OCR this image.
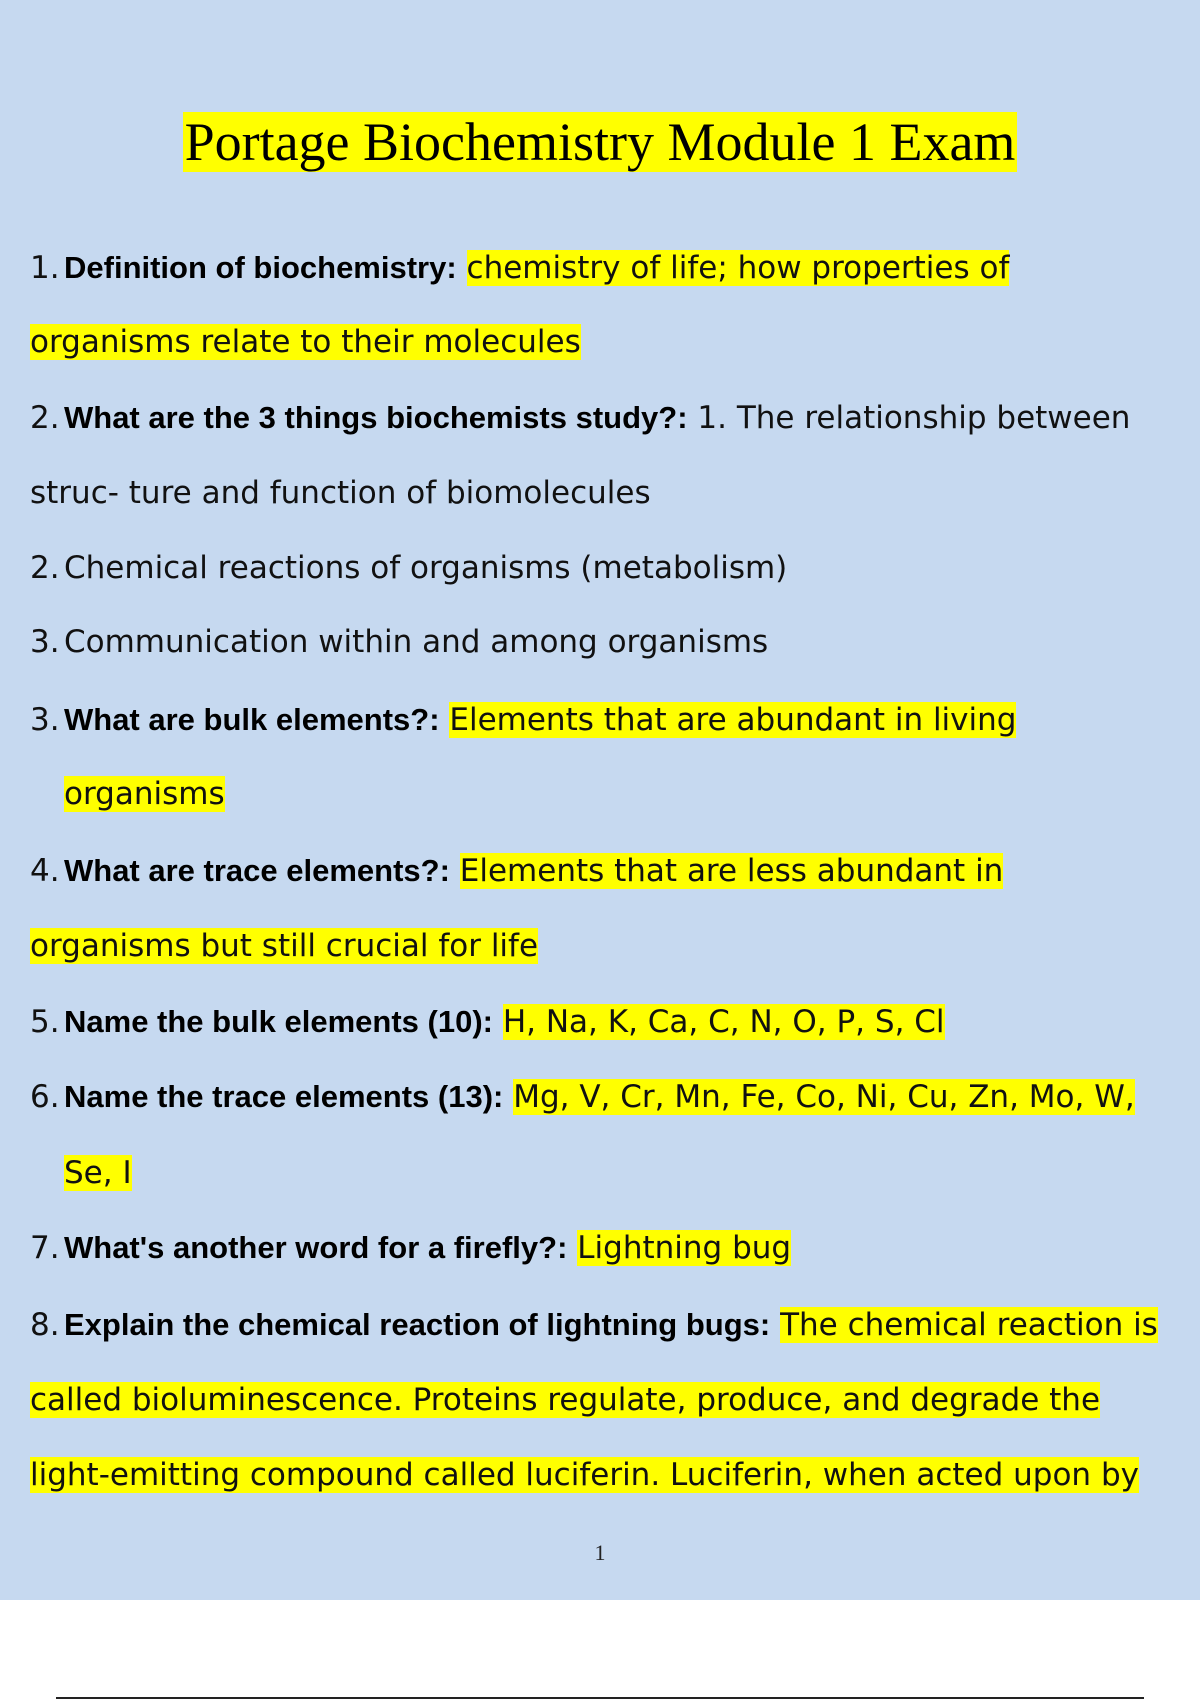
Portage Biochemistry Module 1 Exam
1. Definition of biochemistry: chemistry of life; how properties of
organisms relate to their molecules
2. What are the 3 things biochemists study?: 1. The relationship between
struc- ture and function of biomolecules
2. Chemical reactions of organisms (metabolism)
3. Communication within and among organisms
3. What are bulk elements?: Elements that are abundant in living
organisms
4. What are trace elements?: Elements that are less abundant in
organisms but still crucial for life
5. Name the bulk elements (10): H, Na, K, Ca, C, N, O, P, S, Cl
6. Name the trace elements (13): Mg, V, Cr, Mn, Fe, Co, Ni, Cu, Zn, Mo, W,
Se, I
7. What's another word for a firefly?: Lightning bug
8. Explain the chemical reaction of lightning bugs: The chemical reaction is
called bioluminescence. Proteins regulate, produce, and degrade the
light-emitting compound called luciferin. Luciferin, when acted upon by
1
